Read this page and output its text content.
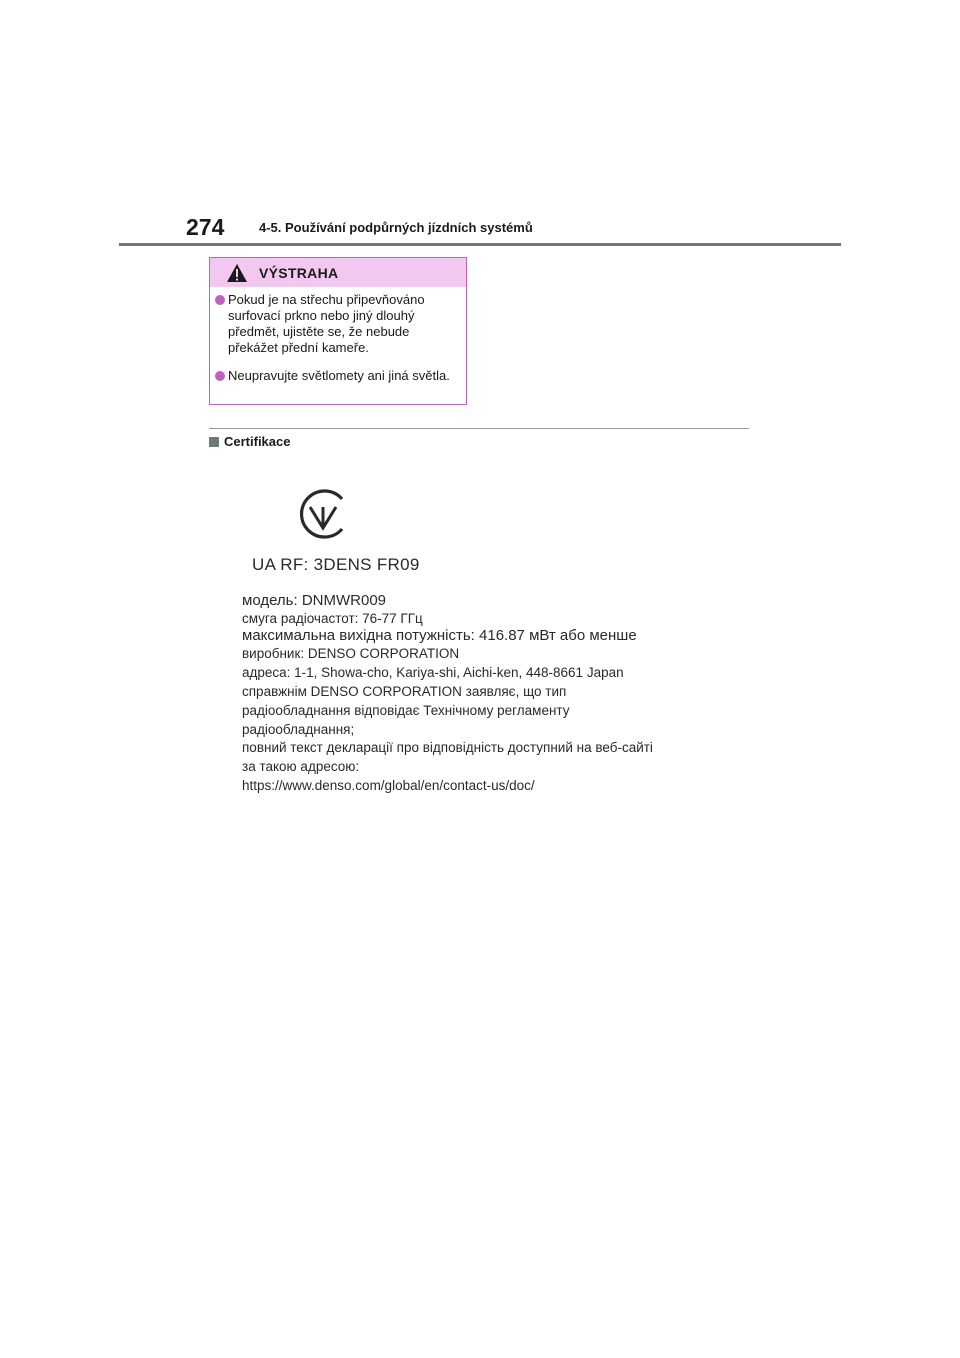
274	4-5. Používání podpůrných jízdních systémů
VÝSTRAHA
Pokud je na střechu připevňováno surfovací prkno nebo jiný dlouhý předmět, ujistěte se, že nebude překážet přední kameře.
Neupravujte světlomety ani jiná světla.
Certifikace
UA RF: 3DENS FR09
модель: DNMWR009
смуга радіочастот: 76-77 ГГц
максимальна вихідна потужність: 416.87 мВт або менше
виробник: DENSO CORPORATION
адреса: 1-1, Showa-cho, Kariya-shi, Aichi-ken, 448-8661 Japan
справжнім DENSO CORPORATION заявляє, що тип
радіообладнання відповідає Технічному регламенту
радіообладнання;
повний текст декларації про відповідність доступний на веб-сайті
за такою адресою:
https://www.denso.com/global/en/contact-us/doc/
